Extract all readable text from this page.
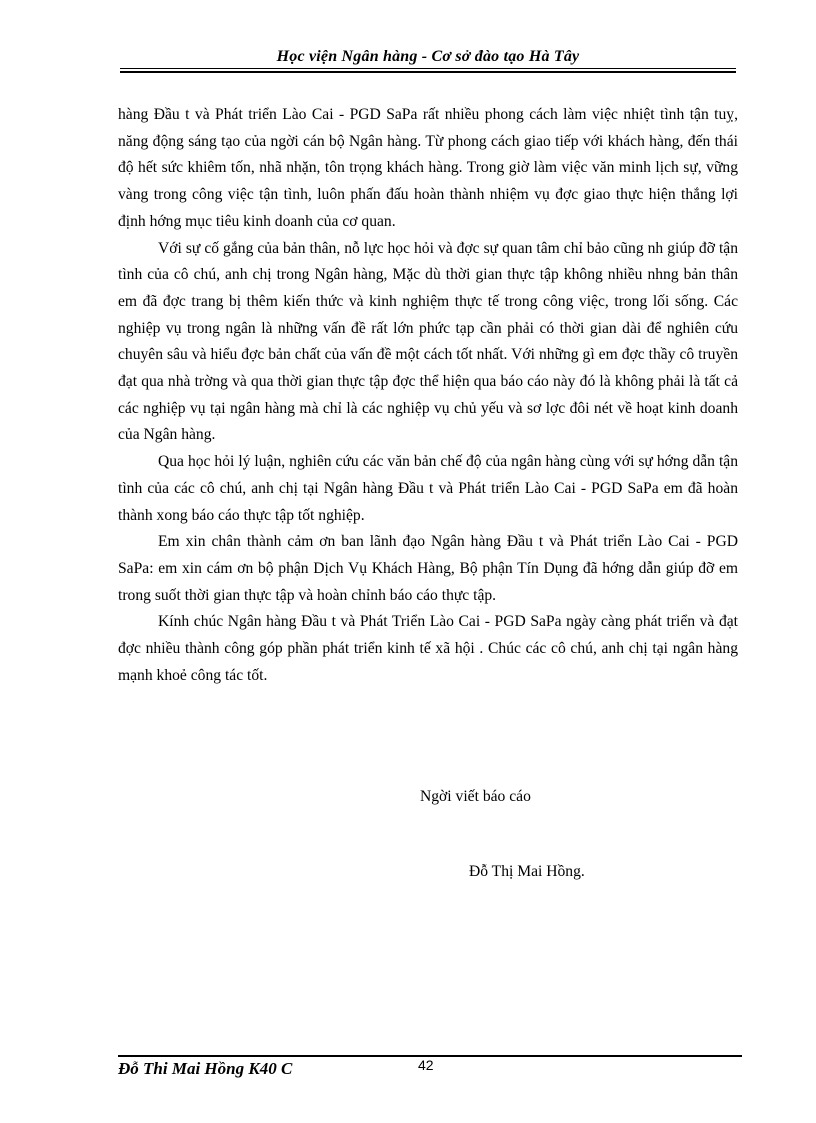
Học viện Ngân hàng - Cơ sở đào tạo Hà Tây

hàng Đầu t và Phát triển Lào Cai - PGD SaPa rất nhiều phong cách làm việc nhiệt tình tận tuỵ, năng động sáng tạo của ngời cán bộ Ngân hàng. Từ phong cách giao tiếp với khách hàng, đến thái độ hết sức khiêm tốn, nhã nhặn, tôn trọng khách hàng. Trong giờ làm việc văn minh lịch sự, vững vàng trong công việc tận tình, luôn phấn đấu hoàn thành nhiệm vụ đợc giao thực hiện thắng lợi định hớng mục tiêu kinh doanh của cơ quan.

Với sự cố gắng của bản thân, nỗ lực học hỏi và đợc sự quan tâm chỉ bảo cũng nh giúp đỡ tận tình của cô chú, anh chị trong Ngân hàng, Mặc dù thời gian thực tập không nhiều nhng bản thân em đã đợc trang bị thêm kiến thức và kinh nghiệm thực tế trong công việc, trong lối sống. Các nghiệp vụ trong ngân là những vấn đề rất lớn phức tạp cần phải có thời gian dài để nghiên cứu chuyên sâu và hiểu đợc bản chất của vấn đề một cách tốt nhất. Với những gì em đợc thầy cô truyền đạt qua nhà trờng và qua thời gian thực tập đợc thể hiện qua báo cáo này đó là không phải là tất cả các nghiệp vụ tại ngân hàng mà chỉ là các nghiệp vụ chủ yếu và sơ lợc đôi nét về hoạt kinh doanh của Ngân hàng.

Qua học hỏi lý luận, nghiên cứu các văn bản chế độ của ngân hàng cùng với sự hớng dẫn tận tình của các cô chú, anh chị tại Ngân hàng Đầu t và Phát triển Lào Cai - PGD SaPa em đã hoàn thành xong báo cáo thực tập tốt nghiệp.

Em xin chân thành cảm ơn ban lãnh đạo Ngân hàng Đầu t và Phát triển Lào Cai - PGD SaPa: em xin cám ơn bộ phận Dịch Vụ Khách Hàng, Bộ phận Tín Dụng đã hớng dẫn giúp đỡ em trong suốt thời gian thực tập và hoàn chỉnh báo cáo thực tập.

Kính chúc Ngân hàng Đầu t và Phát Triển Lào Cai - PGD SaPa ngày càng phát triển và đạt đợc nhiều thành công góp phần phát triển kinh tế xã hội . Chúc các cô chú, anh chị tại ngân hàng mạnh khoẻ công tác tốt.

Ngời viết báo cáo
Đỗ Thị Mai Hồng.
Đỗ Thi Mai Hồng K40 C	42
